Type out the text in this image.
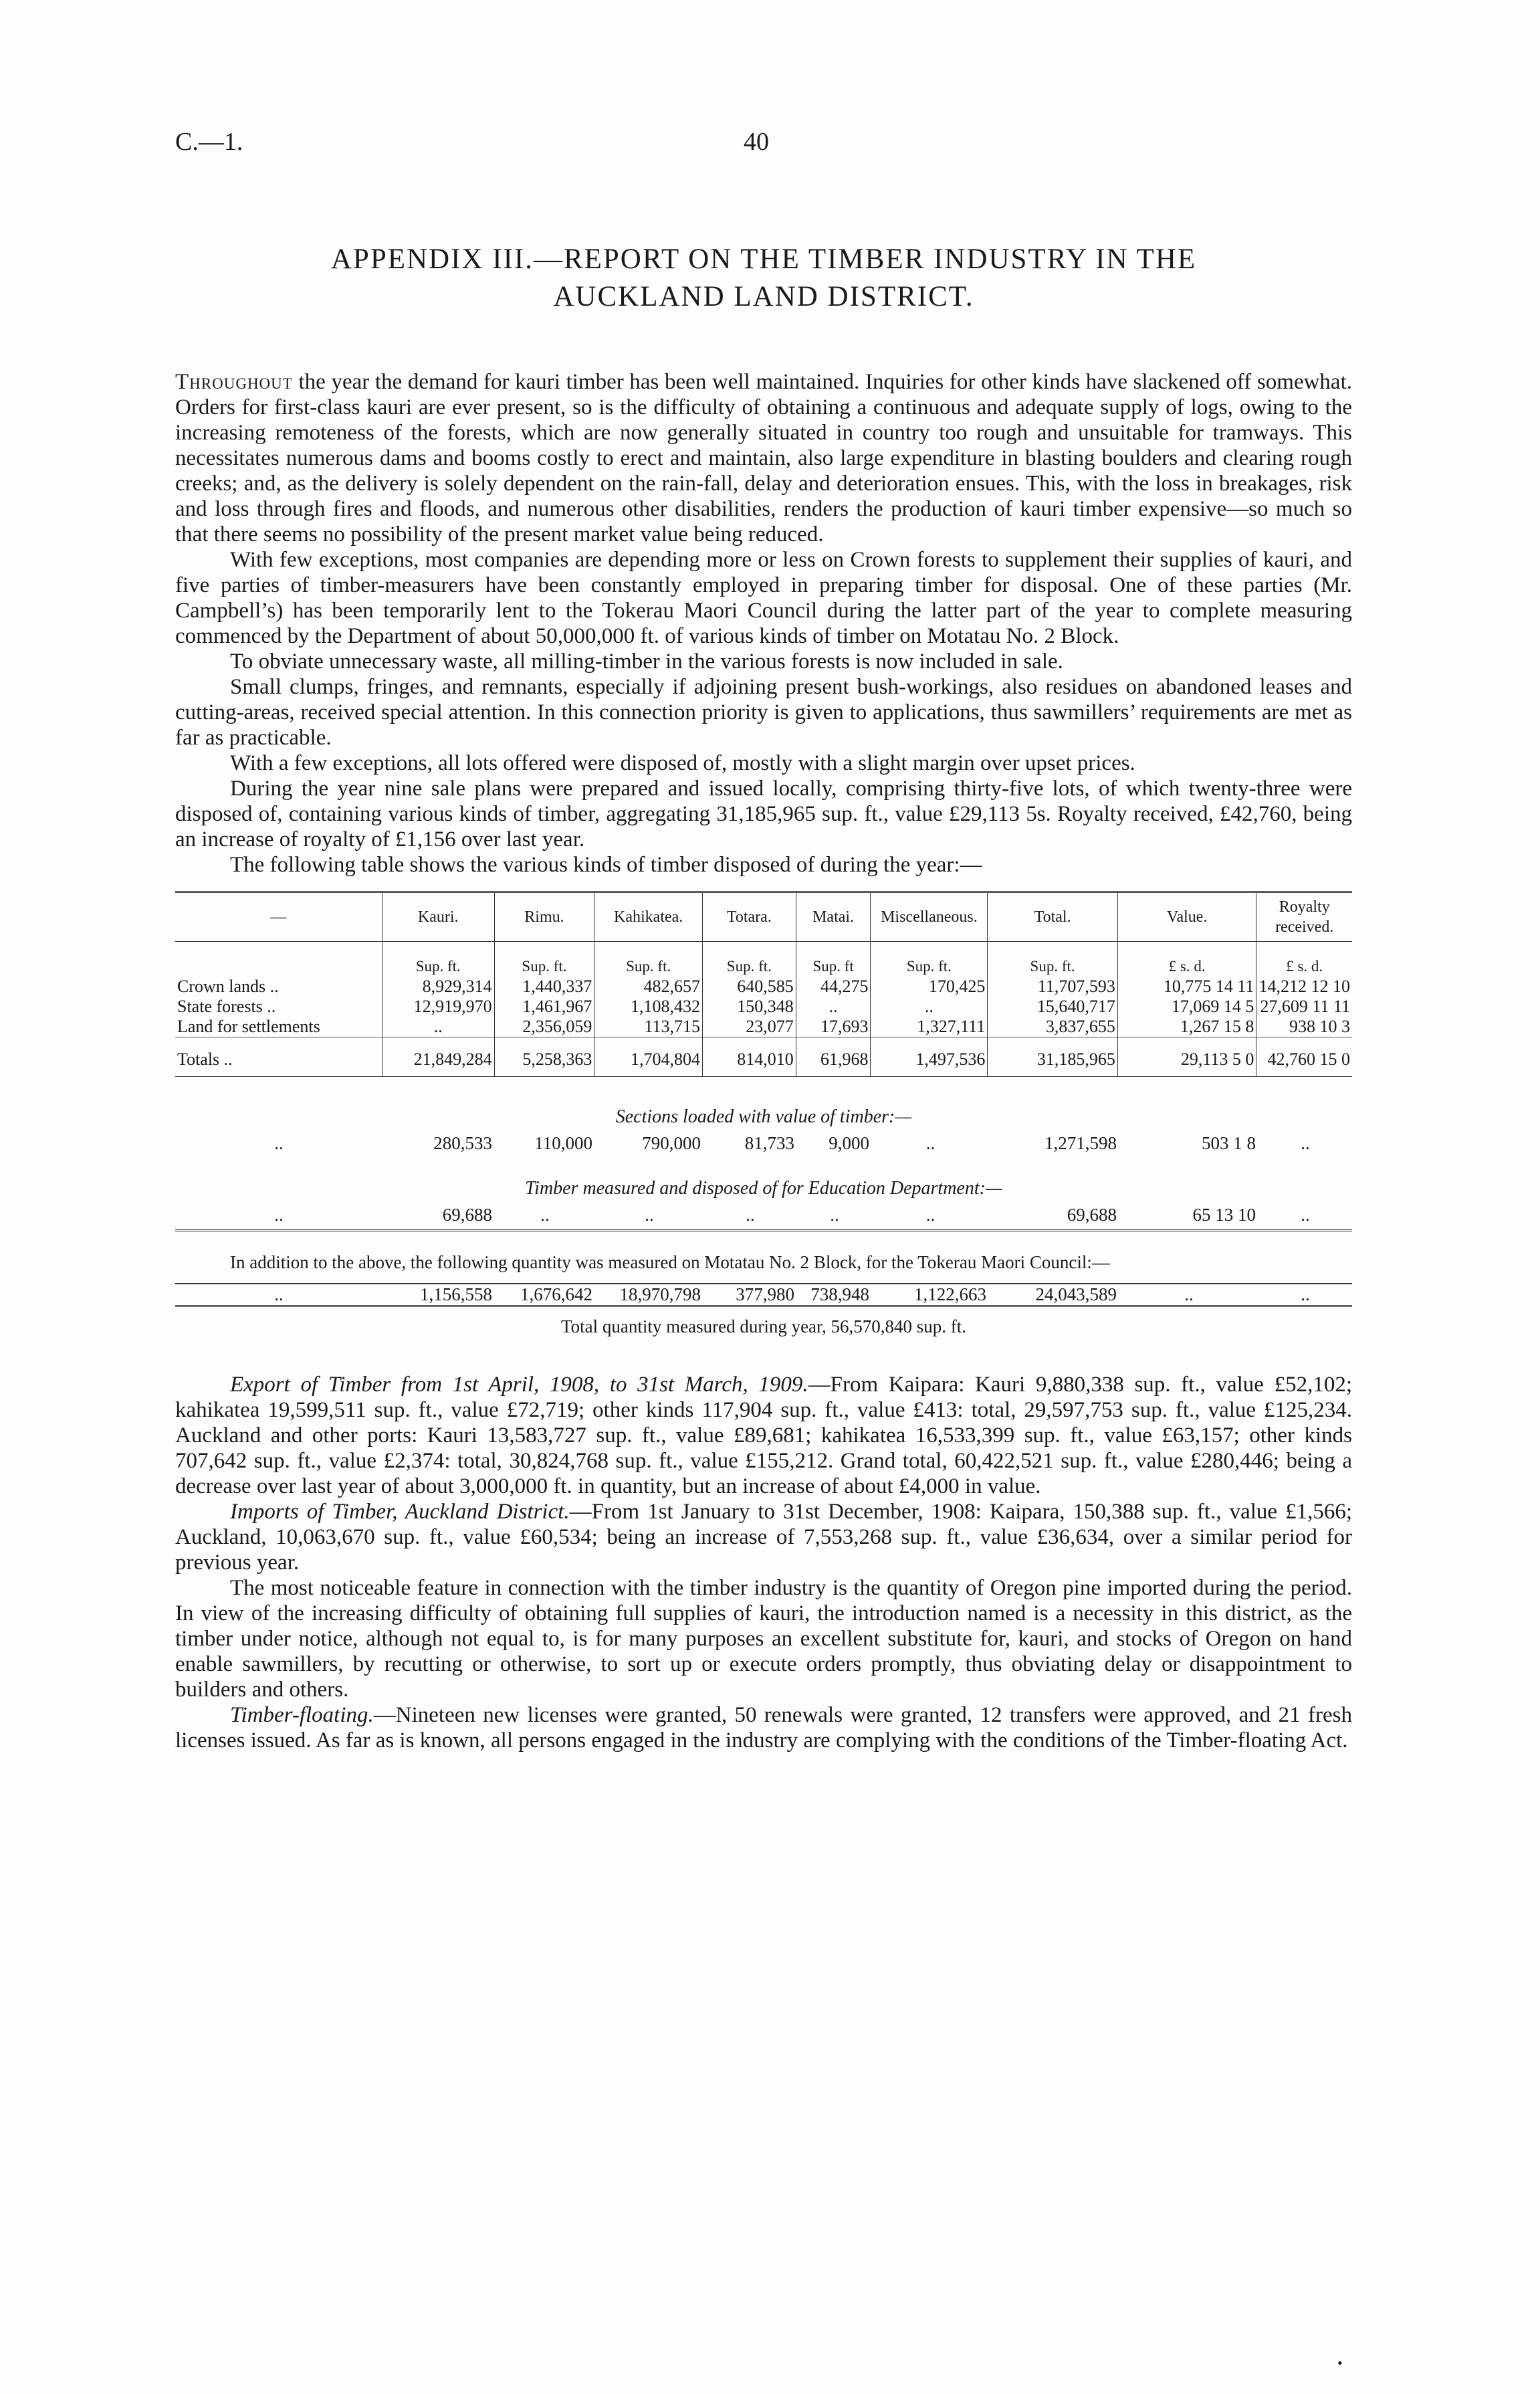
C.—1.	40
APPENDIX III.—REPORT ON THE TIMBER INDUSTRY IN THE
AUCKLAND LAND DISTRICT.

Throughout the year the demand for kauri timber has been well maintained. Inquiries for other kinds have slackened off somewhat. Orders for first-class kauri are ever present, so is the difficulty of obtaining a continuous and adequate supply of logs, owing to the increasing remoteness of the forests, which are now generally situated in country too rough and unsuitable for tramways. This necessitates numerous dams and booms costly to erect and maintain, also large expenditure in blasting boulders and clearing rough creeks; and, as the delivery is solely dependent on the rain-fall, delay and deterioration ensues. This, with the loss in breakages, risk and loss through fires and floods, and numerous other disabilities, renders the production of kauri timber expensive—so much so that there seems no possibility of the present market value being reduced.

With few exceptions, most companies are depending more or less on Crown forests to supplement their supplies of kauri, and five parties of timber-measurers have been constantly employed in preparing timber for disposal. One of these parties (Mr. Campbell’s) has been temporarily lent to the Tokerau Maori Council during the latter part of the year to complete measuring commenced by the Department of about 50,000,000 ft. of various kinds of timber on Motatau No. 2 Block.

To obviate unnecessary waste, all milling-timber in the various forests is now included in sale.

Small clumps, fringes, and remnants, especially if adjoining present bush-workings, also residues on abandoned leases and cutting-areas, received special attention. In this connection priority is given to applications, thus sawmillers’ requirements are met as far as practicable.

With a few exceptions, all lots offered were disposed of, mostly with a slight margin over upset prices.

During the year nine sale plans were prepared and issued locally, comprising thirty-five lots, of which twenty-three were disposed of, containing various kinds of timber, aggregating 31,185,965 sup. ft., value £29,113 5s. Royalty received, £42,760, being an increase of royalty of £1,156 over last year.

The following table shows the various kinds of timber disposed of during the year:—

—	Kauri.	Rimu.	Kahikatea.	Totara.	Matai.	Miscellaneous.	Total.	Value.	Royalty received.
	Sup. ft.	Sup. ft.	Sup. ft.	Sup. ft.	Sup. ft	Sup. ft.	Sup. ft.	£ s. d.	£ s. d.
Crown lands ..	8,929,314	1,440,337	482,657	640,585	44,275	170,425	11,707,593	10,775 14 11	14,212 12 10
State forests ..	12,919,970	1,461,967	1,108,432	150,348	..	..	15,640,717	17,069 14 5	27,609 11 11
Land for settlements	..	2,356,059	113,715	23,077	17,693	1,327,111	3,837,655	1,267 15 8	938 10 3
Totals ..	21,849,284	5,258,363	1,704,804	814,010	61,968	1,497,536	31,185,965	29,113 5 0	42,760 15 0
Sections loaded with value of timber:—
..	280,533	110,000	790,000	81,733	9,000	..	1,271,598	503 1 8	..
Timber measured and disposed of for Education Department:—
..	69,688	..	..	..	..	..	69,688	65 13 10	..

In addition to the above, the following quantity was measured on Motatau No. 2 Block, for the Tokerau Maori Council:—

..	1,156,558	1,676,642	18,970,798	377,980	738,948	1,122,663	24,043,589	..	..
Total quantity measured during year, 56,570,840 sup. ft.

Export of Timber from 1st April, 1908, to 31st March, 1909.—From Kaipara: Kauri 9,880,338 sup. ft., value £52,102; kahikatea 19,599,511 sup. ft., value £72,719; other kinds 117,904 sup. ft., value £413: total, 29,597,753 sup. ft., value £125,234. Auckland and other ports: Kauri 13,583,727 sup. ft., value £89,681; kahikatea 16,533,399 sup. ft., value £63,157; other kinds 707,642 sup. ft., value £2,374: total, 30,824,768 sup. ft., value £155,212. Grand total, 60,422,521 sup. ft., value £280,446; being a decrease over last year of about 3,000,000 ft. in quantity, but an increase of about £4,000 in value.

Imports of Timber, Auckland District.—From 1st January to 31st December, 1908: Kaipara, 150,388 sup. ft., value £1,566; Auckland, 10,063,670 sup. ft., value £60,534; being an increase of 7,553,268 sup. ft., value £36,634, over a similar period for previous year.

The most noticeable feature in connection with the timber industry is the quantity of Oregon pine imported during the period. In view of the increasing difficulty of obtaining full supplies of kauri, the introduction named is a necessity in this district, as the timber under notice, although not equal to, is for many purposes an excellent substitute for, kauri, and stocks of Oregon on hand enable sawmillers, by recutting or otherwise, to sort up or execute orders promptly, thus obviating delay or disappointment to builders and others.

Timber-floating.—Nineteen new licenses were granted, 50 renewals were granted, 12 transfers were approved, and 21 fresh licenses issued. As far as is known, all persons engaged in the industry are complying with the conditions of the Timber-floating Act.

•
